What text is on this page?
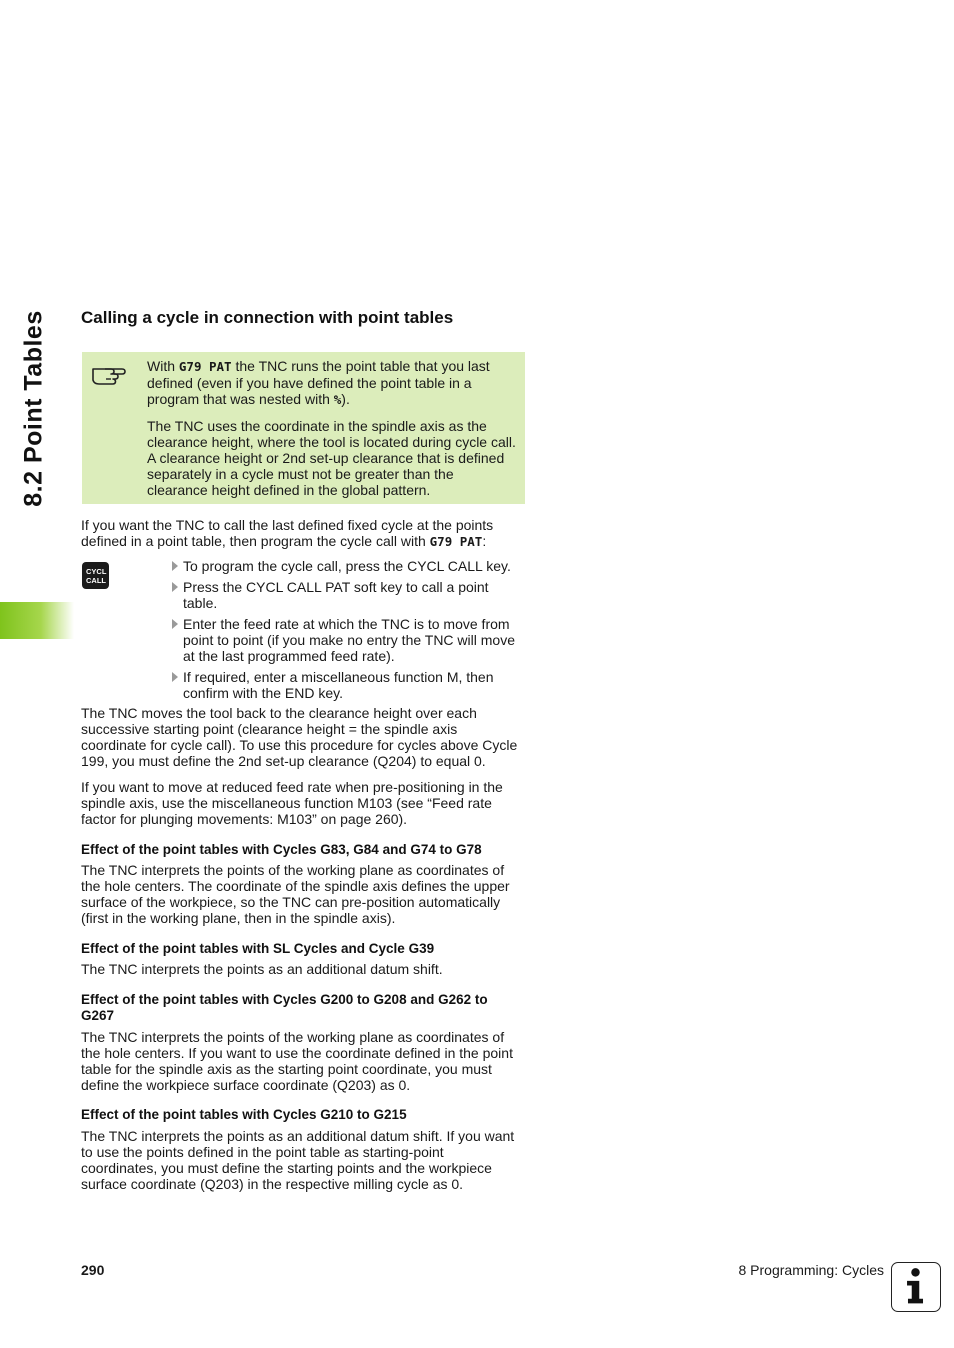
8.2 Point Tables Calling a cycle in connection with point tables

With G79 PAT the TNC runs the point table that you last defined (even if you have defined the point table in a program that was nested with %).

The TNC uses the coordinate in the spindle axis as the clearance height, where the tool is located during cycle call. A clearance height or 2nd set-up clearance that is defined separately in a cycle must not be greater than the clearance height defined in the global pattern.

If you want the TNC to call the last defined fixed cycle at the points defined in a point table, then program the cycle call with G79 PAT:

CYCL
CALL
To program the cycle call, press the CYCL CALL key.
Press the CYCL CALL PAT soft key to call a point table.
Enter the feed rate at which the TNC is to move from point to point (if you make no entry the TNC will move at the last programmed feed rate).
If required, enter a miscellaneous function M, then confirm with the END key.

The TNC moves the tool back to the clearance height over each successive starting point (clearance height = the spindle axis coordinate for cycle call). To use this procedure for cycles above Cycle 199, you must define the 2nd set-up clearance (Q204) to equal 0.

If you want to move at reduced feed rate when pre-positioning in the spindle axis, use the miscellaneous function M103 (see “Feed rate factor for plunging movements: M103” on page 260).

Effect of the point tables with Cycles G83, G84 and G74 to G78

The TNC interprets the points of the working plane as coordinates of the hole centers. The coordinate of the spindle axis defines the upper surface of the workpiece, so the TNC can pre-position automatically (first in the working plane, then in the spindle axis).

Effect of the point tables with SL Cycles and Cycle G39

The TNC interprets the points as an additional datum shift.

Effect of the point tables with Cycles G200 to G208 and G262 to G267

The TNC interprets the points of the working plane as coordinates of the hole centers. If you want to use the coordinate defined in the point table for the spindle axis as the starting point coordinate, you must define the workpiece surface coordinate (Q203) as 0.

Effect of the point tables with Cycles G210 to G215

The TNC interprets the points as an additional datum shift. If you want to use the points defined in the point table as starting-point coordinates, you must define the starting points and the workpiece surface coordinate (Q203) in the respective milling cycle as 0.

290	8 Programming: Cycles
